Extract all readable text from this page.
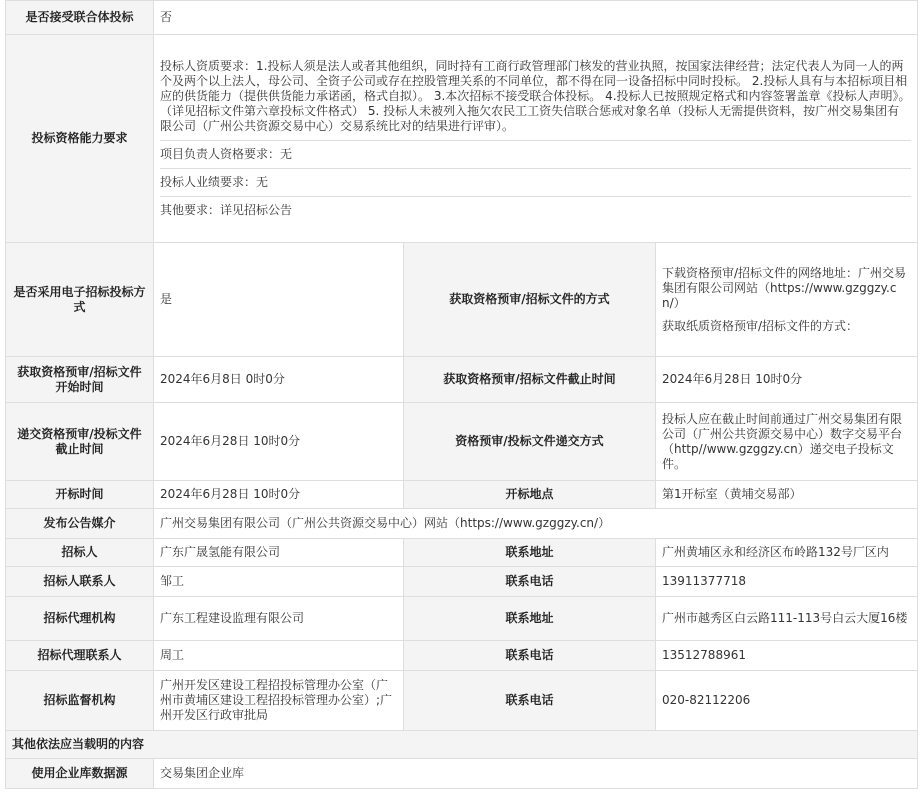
是否接受联合体投标	否		
投标资格能力要求	投标人资质要求：1.投标人须是法人或者其他组织，同时持有工商行政管理部门核发的营业执照，按国家法律经营；法定代表人为同一人的两个及两个以上法人，母公司、全资子公司或存在控股管理关系的不同单位，都不得在同一设备招标中同时投标。 2.投标人具有与本招标项目相应的供货能力（提供供货能力承诺函，格式自拟）。 3.本次招标不接受联合体投标。 4.投标人已按照规定格式和内容签署盖章《投标人声明》。（详见招标文件第六章投标文件格式） 5. 投标人未被列入拖欠农民工工资失信联合惩戒对象名单（投标人无需提供资料，按广州交易集团有限公司（广州公共资源交易中心）交易系统比对的结果进行评审）。
项目负责人资格要求：无
投标人业绩要求：无
其他要求：详见招标公告		

是否采用电子招标投标方式	是	获取资格预审/招标文件的方式	下载资格预审/招标文件的网络地址：广州交易集团有限公司网站（https://www.gzggzy.cn/）
获取纸质资格预审/招标文件的方式：

获取资格预审/招标文件开始时间	2024年6月8日 0时0分	获取资格预审/招标文件截止时间	2024年6月28日 10时0分
递交资格预审/投标文件截止时间	2024年6月28日 10时0分	资格预审/投标文件递交方式	投标人应在截止时间前通过广州交易集团有限公司（广州公共资源交易中心）数字交易平台（http//www.gzggzy.cn）递交电子投标文件。
开标时间	2024年6月28日 10时0分	开标地点	第1开标室（黄埔交易部）
发布公告媒介	广州交易集团有限公司（广州公共资源交易中心）网站（https://www.gzggzy.cn/）		
招标人	广东广晟氢能有限公司	联系地址	广州黄埔区永和经济区布岭路132号厂区内
招标人联系人	邹工	联系电话	13911377718
招标代理机构	广东工程建设监理有限公司	联系地址	广州市越秀区白云路111-113号白云大厦16楼
招标代理联系人	周工	联系电话	13512788961
招标监督机构	广州开发区建设工程招投标管理办公室（广州市黄埔区建设工程招投标管理办公室）;广州开发区行政审批局	联系电话	020-82112206
其他依法应当载明的内容			
使用企业库数据源	交易集团企业库		
